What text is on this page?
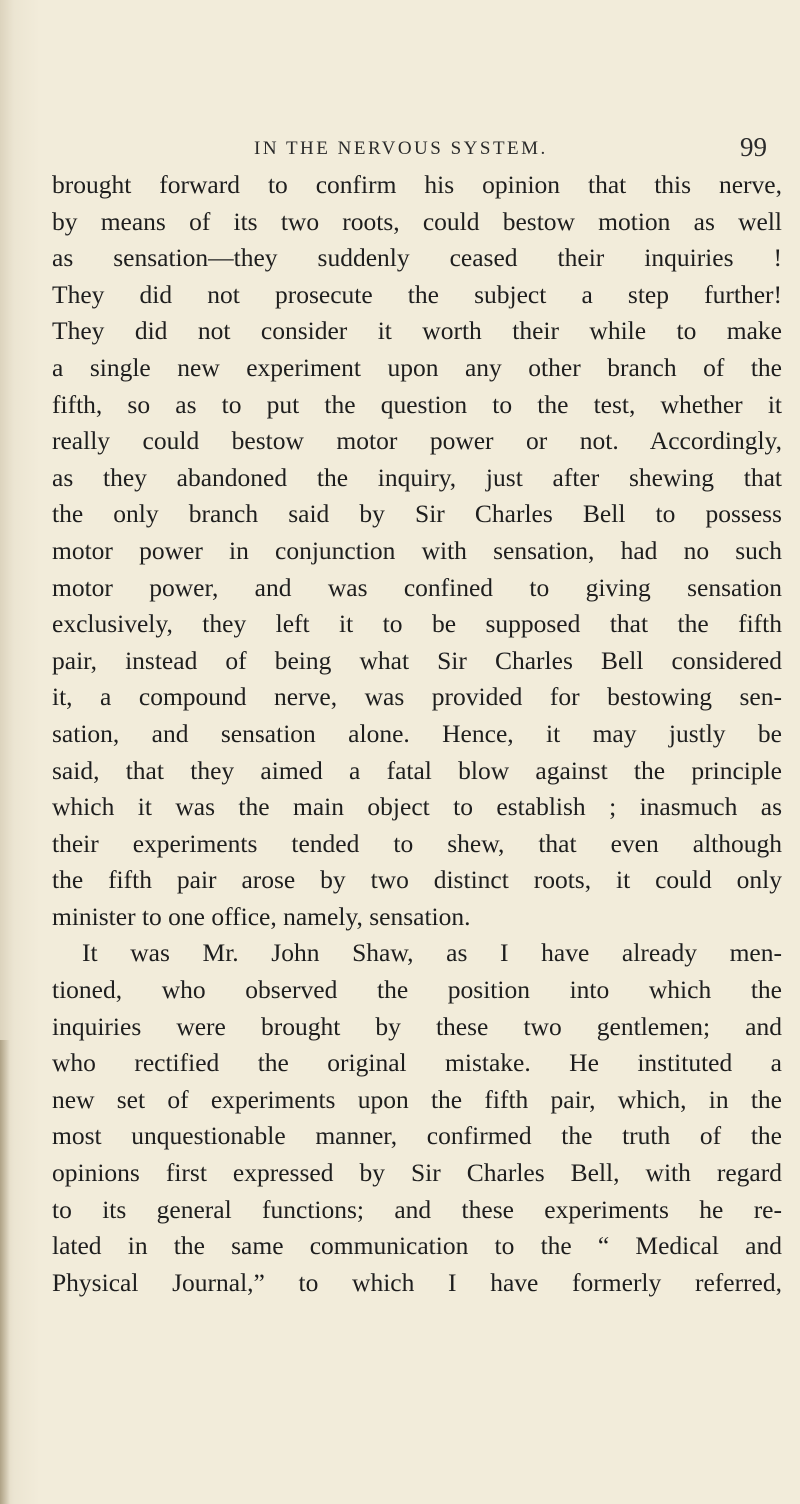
IN THE NERVOUS SYSTEM.	99
brought forward to confirm his opinion that this nerve,
by means of its two roots, could bestow motion as well
as sensation—they suddenly ceased their inquiries !
They did not prosecute the subject a step further!
They did not consider it worth their while to make
a single new experiment upon any other branch of the
fifth, so as to put the question to the test, whether it
really could bestow motor power or not. Accordingly,
as they abandoned the inquiry, just after shewing that
the only branch said by Sir Charles Bell to possess
motor power in conjunction with sensation, had no such
motor power, and was confined to giving sensation
exclusively, they left it to be supposed that the fifth
pair, instead of being what Sir Charles Bell considered
it, a compound nerve, was provided for bestowing sen-
sation, and sensation alone. Hence, it may justly be
said, that they aimed a fatal blow against the principle
which it was the main object to establish ; inasmuch as
their experiments tended to shew, that even although
the fifth pair arose by two distinct roots, it could only
minister to one office, namely, sensation.
It was Mr. John Shaw, as I have already men-
tioned, who observed the position into which the
inquiries were brought by these two gentlemen; and
who rectified the original mistake. He instituted a
new set of experiments upon the fifth pair, which, in the
most unquestionable manner, confirmed the truth of the
opinions first expressed by Sir Charles Bell, with regard
to its general functions; and these experiments he re-
lated in the same communication to the “ Medical and
Physical Journal,” to which I have formerly referred,
